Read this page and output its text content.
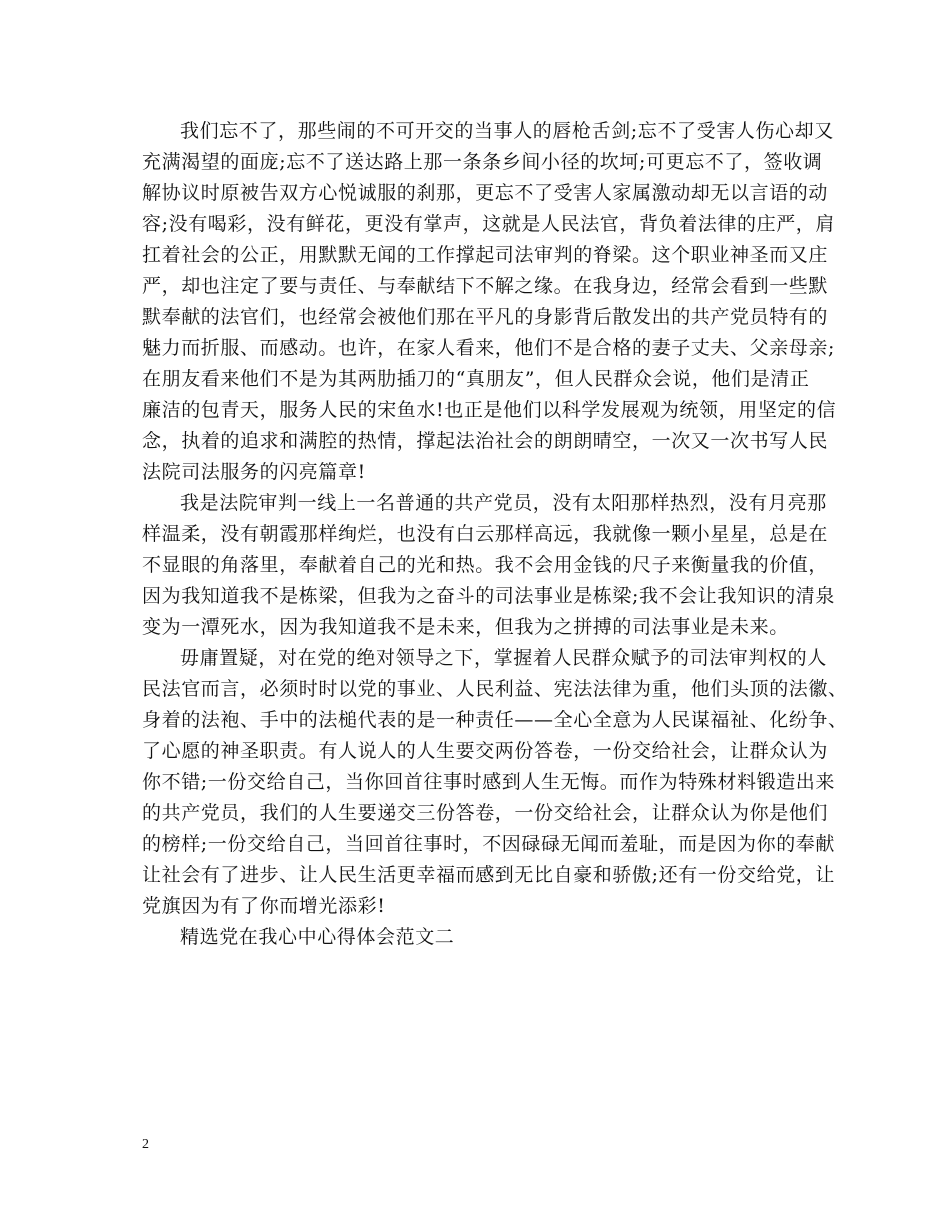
我们忘不了，那些闹的不可开交的当事人的唇枪舌剑;忘不了受害人伤心却又
充满渴望的面庞;忘不了送达路上那一条条乡间小径的坎坷;可更忘不了，签收调
解协议时原被告双方心悦诚服的刹那，更忘不了受害人家属激动却无以言语的动
容;没有喝彩，没有鲜花，更没有掌声，这就是人民法官，背负着法律的庄严，肩
扛着社会的公正，用默默无闻的工作撑起司法审判的脊梁。这个职业神圣而又庄
严，却也注定了要与责任、与奉献结下不解之缘。在我身边，经常会看到一些默
默奉献的法官们，也经常会被他们那在平凡的身影背后散发出的共产党员特有的
魅力而折服、而感动。也许，在家人看来，他们不是合格的妻子丈夫、父亲母亲;
在朋友看来他们不是为其两肋插刀的“真朋友”，但人民群众会说，他们是清正
廉洁的包青天，服务人民的宋鱼水!也正是他们以科学发展观为统领，用坚定的信
念，执着的追求和满腔的热情，撑起法治社会的朗朗晴空，一次又一次书写人民
法院司法服务的闪亮篇章!
我是法院审判一线上一名普通的共产党员，没有太阳那样热烈，没有月亮那
样温柔，没有朝霞那样绚烂，也没有白云那样高远，我就像一颗小星星，总是在
不显眼的角落里，奉献着自己的光和热。我不会用金钱的尺子来衡量我的价值，
因为我知道我不是栋梁，但我为之奋斗的司法事业是栋梁;我不会让我知识的清泉
变为一潭死水，因为我知道我不是未来，但我为之拼搏的司法事业是未来。
毋庸置疑，对在党的绝对领导之下，掌握着人民群众赋予的司法审判权的人
民法官而言，必须时时以党的事业、人民利益、宪法法律为重，他们头顶的法徽、
身着的法袍、手中的法槌代表的是一种责任——全心全意为人民谋福祉、化纷争、
了心愿的神圣职责。有人说人的人生要交两份答卷，一份交给社会，让群众认为
你不错;一份交给自己，当你回首往事时感到人生无悔。而作为特殊材料锻造出来
的共产党员，我们的人生要递交三份答卷，一份交给社会，让群众认为你是他们
的榜样;一份交给自己，当回首往事时，不因碌碌无闻而羞耻，而是因为你的奉献
让社会有了进步、让人民生活更幸福而感到无比自豪和骄傲;还有一份交给党，让
党旗因为有了你而增光添彩!
精选党在我心中心得体会范文二
2
